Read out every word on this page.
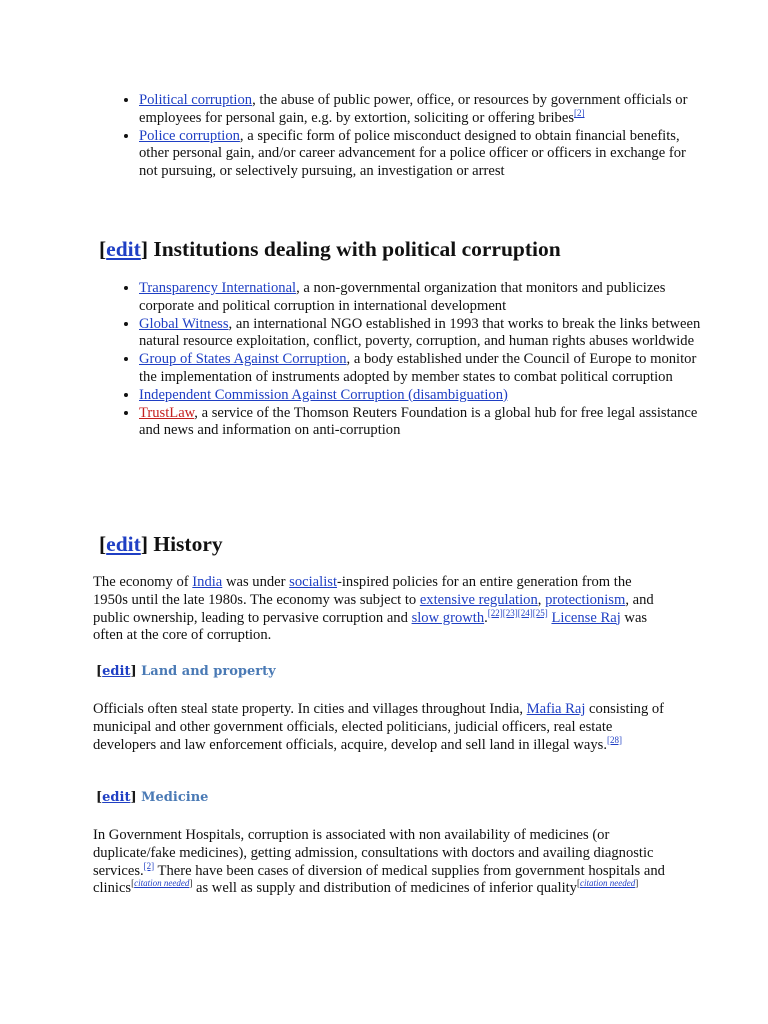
• Political corruption, the abuse of public power, office, or resources by government officials or employees for personal gain, e.g. by extortion, soliciting or offering bribes[2]
• Police corruption, a specific form of police misconduct designed to obtain financial benefits, other personal gain, and/or career advancement for a police officer or officers in exchange for not pursuing, or selectively pursuing, an investigation or arrest
[edit] Institutions dealing with political corruption
• Transparency International, a non-governmental organization that monitors and publicizes corporate and political corruption in international development
• Global Witness, an international NGO established in 1993 that works to break the links between natural resource exploitation, conflict, poverty, corruption, and human rights abuses worldwide
• Group of States Against Corruption, a body established under the Council of Europe to monitor the implementation of instruments adopted by member states to combat political corruption
• Independent Commission Against Corruption (disambiguation)
• TrustLaw, a service of the Thomson Reuters Foundation is a global hub for free legal assistance and news and information on anti-corruption
[edit] History

The economy of India was under socialist-inspired policies for an entire generation from the 1950s until the late 1980s. The economy was subject to extensive regulation, protectionism, and public ownership, leading to pervasive corruption and slow growth.[22][23][24][25] License Raj was often at the core of corruption.

[edit] Land and property

Officials often steal state property. In cities and villages throughout India, Mafia Raj consisting of municipal and other government officials, elected politicians, judicial officers, real estate developers and law enforcement officials, acquire, develop and sell land in illegal ways.[28]

[edit] Medicine

In Government Hospitals, corruption is associated with non availability of medicines (or duplicate/fake medicines), getting admission, consultations with doctors and availing diagnostic services.[2] There have been cases of diversion of medical supplies from government hospitals and clinics[citation needed] as well as supply and distribution of medicines of inferior quality[citation needed]
